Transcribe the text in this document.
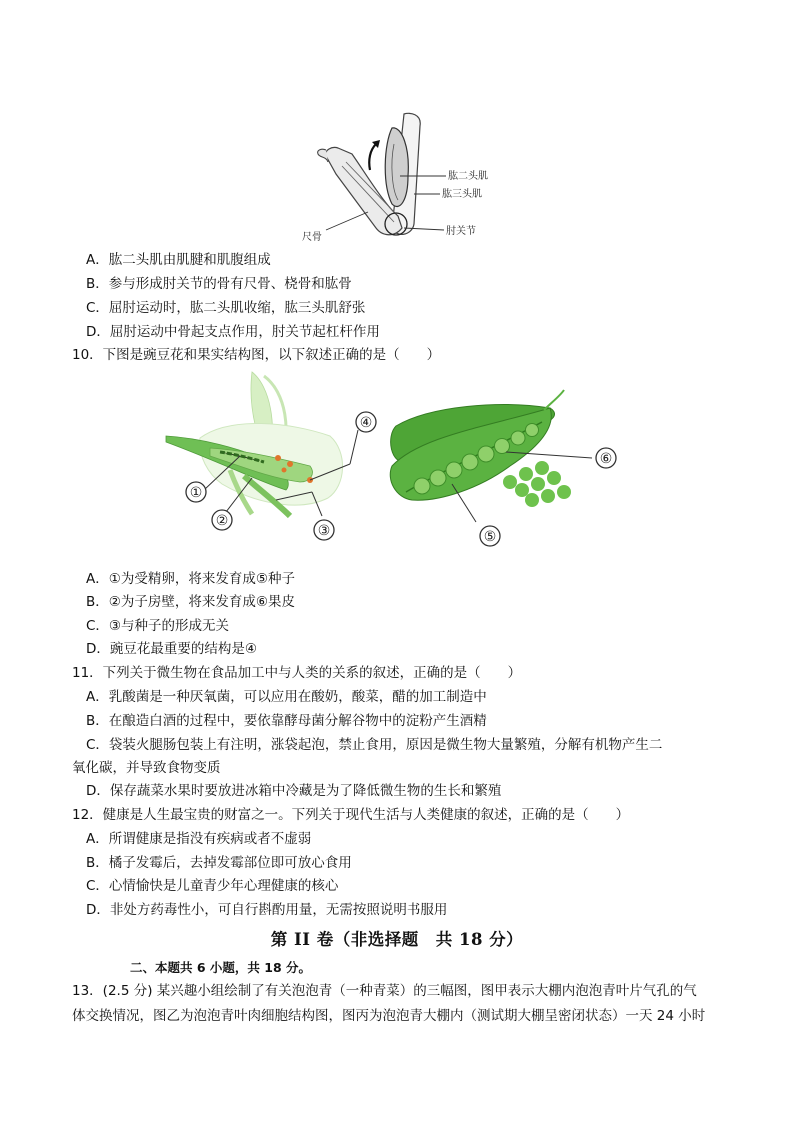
肱二头肌
肱三头肌
肘关节
尺骨
A．肱二头肌由肌腱和肌腹组成
B．参与形成肘关节的骨有尺骨、桡骨和肱骨
C．屈肘运动时，肱二头肌收缩，肱三头肌舒张
D．屈肘运动中骨起支点作用，肘关节起杠杆作用
10．下图是豌豆花和果实结构图，以下叙述正确的是（　　）
①
②
③
④
⑤
⑥
A．①为受精卵，将来发育成⑤种子
B．②为子房壁，将来发育成⑥果皮
C．③与种子的形成无关
D．豌豆花最重要的结构是④
11．下列关于微生物在食品加工中与人类的关系的叙述，正确的是（　　）
A．乳酸菌是一种厌氧菌，可以应用在酸奶，酸菜，醋的加工制造中
B．在酿造白酒的过程中，要依靠酵母菌分解谷物中的淀粉产生酒精
C．袋装火腿肠包装上有注明，涨袋起泡，禁止食用，原因是微生物大量繁殖，分解有机物产生二
氧化碳，并导致食物变质
D．保存蔬菜水果时要放进冰箱中冷藏是为了降低微生物的生长和繁殖
12．健康是人生最宝贵的财富之一。下列关于现代生活与人类健康的叙述，正确的是（　　）
A．所谓健康是指没有疾病或者不虚弱
B．橘子发霉后，去掉发霉部位即可放心食用
C．心情愉快是儿童青少年心理健康的核心
D．非处方药毒性小，可自行斟酌用量，无需按照说明书服用
第 II 卷（非选择题　共 18 分）
二、本题共 6 小题，共 18 分。
13．(2.5 分) 某兴趣小组绘制了有关泡泡青（一种青菜）的三幅图，图甲表示大棚内泡泡青叶片气孔的气
体交换情况，图乙为泡泡青叶肉细胞结构图，图丙为泡泡青大棚内（测试期大棚呈密闭状态）一天 24 小时
